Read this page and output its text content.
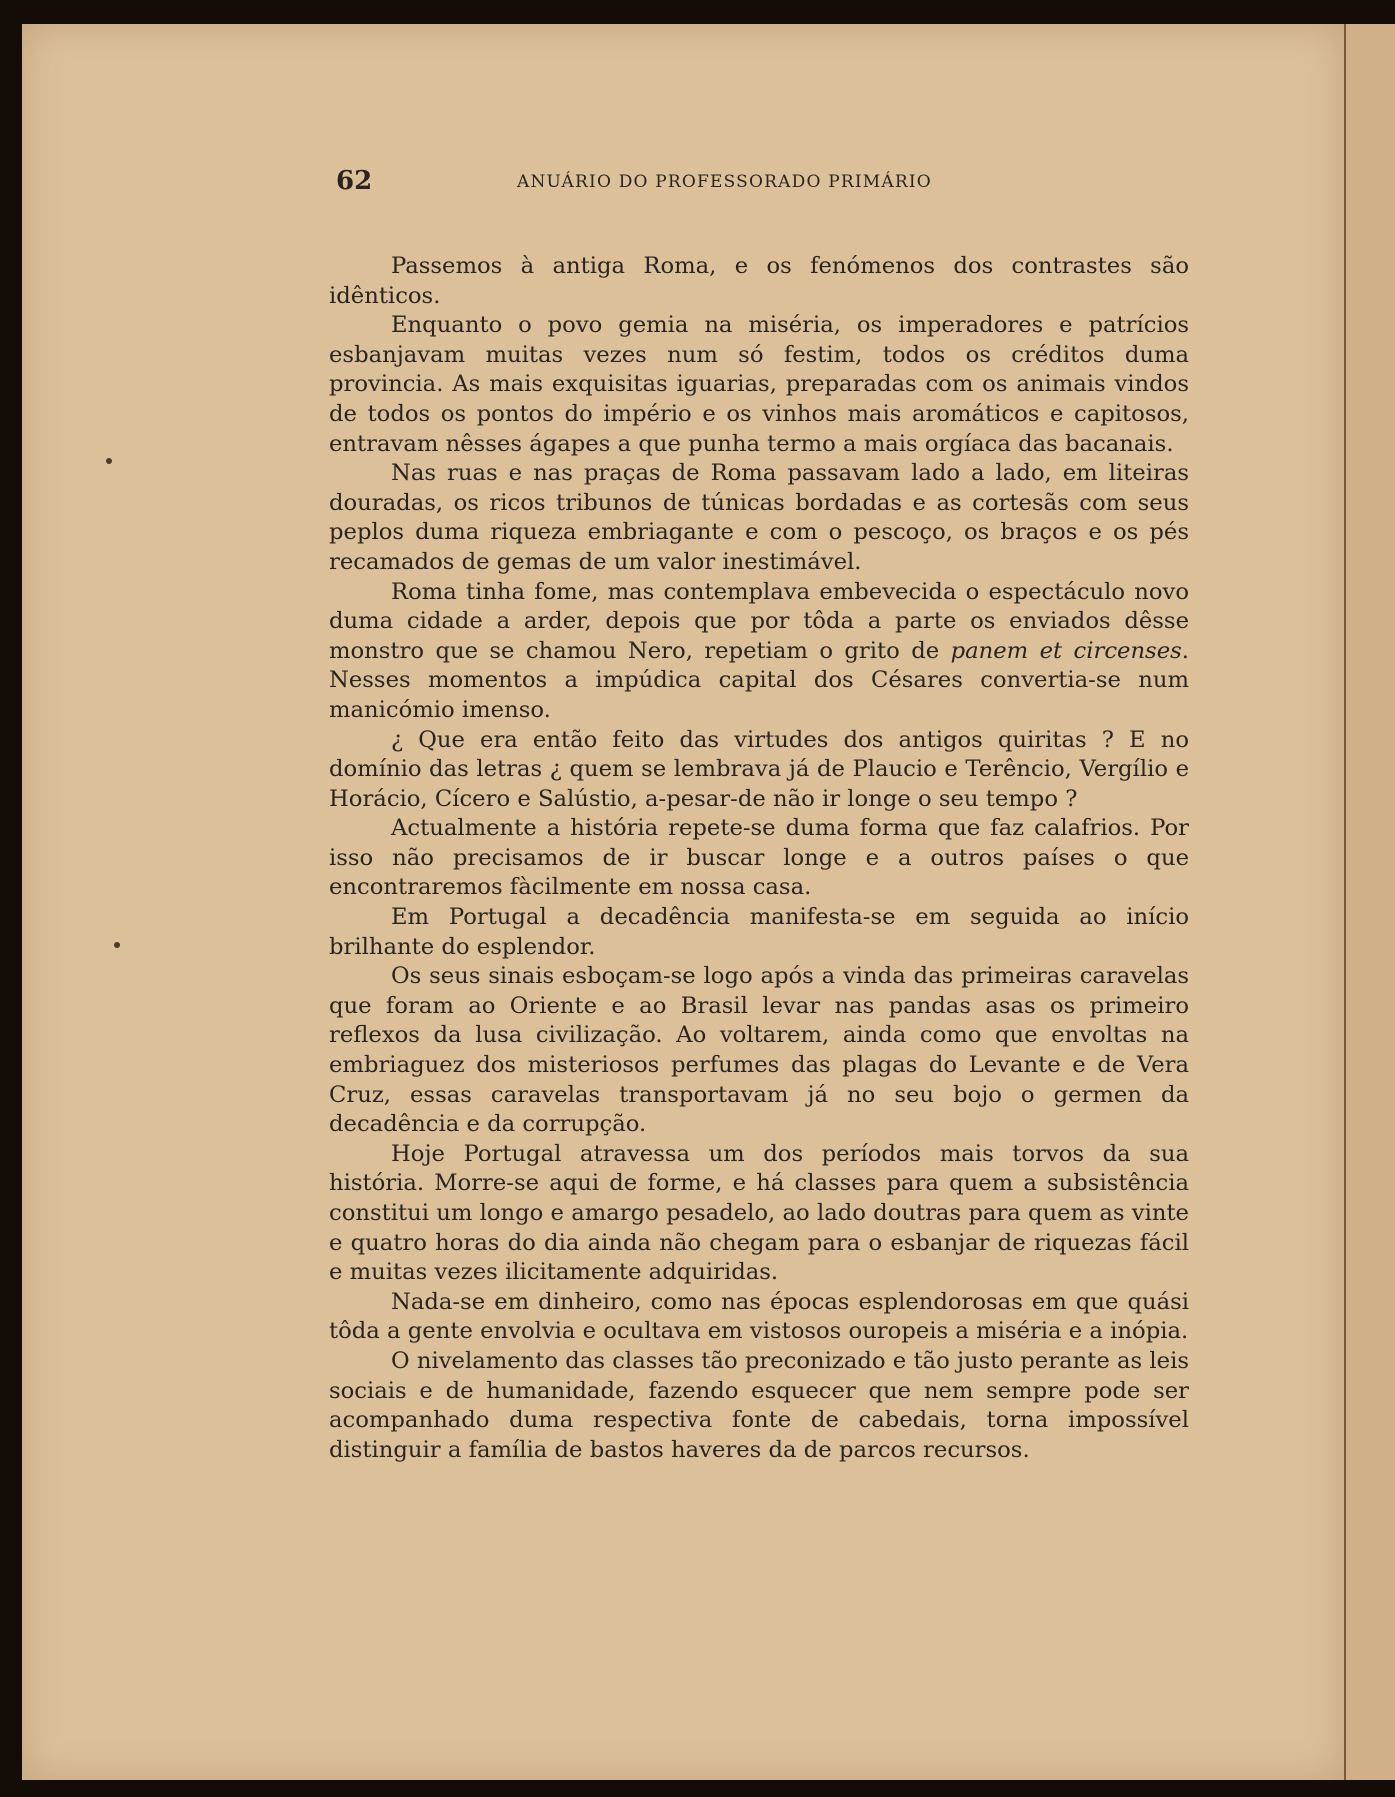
62	ANUÁRIO DO PROFESSORADO PRIMÁRIO

Passemos à antiga Roma, e os fenómenos dos contrastes são idênticos.

Enquanto o povo gemia na miséria, os imperadores e patrícios esbanjavam muitas vezes num só festim, todos os créditos duma provincia. As mais exquisitas iguarias, preparadas com os animais vindos de todos os pontos do império e os vinhos mais aromáticos e capitosos, entravam nêsses ágapes a que punha termo a mais orgíaca das bacanais.

Nas ruas e nas praças de Roma passavam lado a lado, em liteiras douradas, os ricos tribunos de túnicas bordadas e as cortesãs com seus peplos duma riqueza embriagante e com o pescoço, os braços e os pés recamados de gemas de um valor inestimável.

Roma tinha fome, mas contemplava embevecida o espectáculo novo duma cidade a arder, depois que por tôda a parte os enviados dêsse monstro que se chamou Nero, repetiam o grito de panem et circenses. Nesses momentos a impúdica capital dos Césares convertia-se num manicómio imenso.

¿ Que era então feito das virtudes dos antigos quiritas ? E no domínio das letras ¿ quem se lembrava já de Plaucio e Terêncio, Vergílio e Horácio, Cícero e Salústio, a-pesar-de não ir longe o seu tempo ?

Actualmente a história repete-se duma forma que faz calafrios. Por isso não precisamos de ir buscar longe e a outros países o que encontraremos fàcilmente em nossa casa.

Em Portugal a decadência manifesta-se em seguida ao início brilhante do esplendor.

Os seus sinais esboçam-se logo após a vinda das primeiras caravelas que foram ao Oriente e ao Brasil levar nas pandas asas os primeiro reflexos da lusa civilização. Ao voltarem, ainda como que envoltas na embriaguez dos misteriosos perfumes das plagas do Levante e de Vera Cruz, essas caravelas transportavam já no seu bojo o germen da decadência e da corrupção.

Hoje Portugal atravessa um dos períodos mais torvos da sua história. Morre-se aqui de forme, e há classes para quem a subsistência constitui um longo e amargo pesadelo, ao lado doutras para quem as vinte e quatro horas do dia ainda não chegam para o esbanjar de riquezas fácil e muitas vezes ilicitamente adquiridas.

Nada-se em dinheiro, como nas épocas esplendorosas em que quási tôda a gente envolvia e ocultava em vistosos ouropeis a miséria e a inópia.

O nivelamento das classes tão preconizado e tão justo perante as leis sociais e de humanidade, fazendo esquecer que nem sempre pode ser acompanhado duma respectiva fonte de cabedais, torna impossível distinguir a família de bastos haveres da de parcos recursos.
